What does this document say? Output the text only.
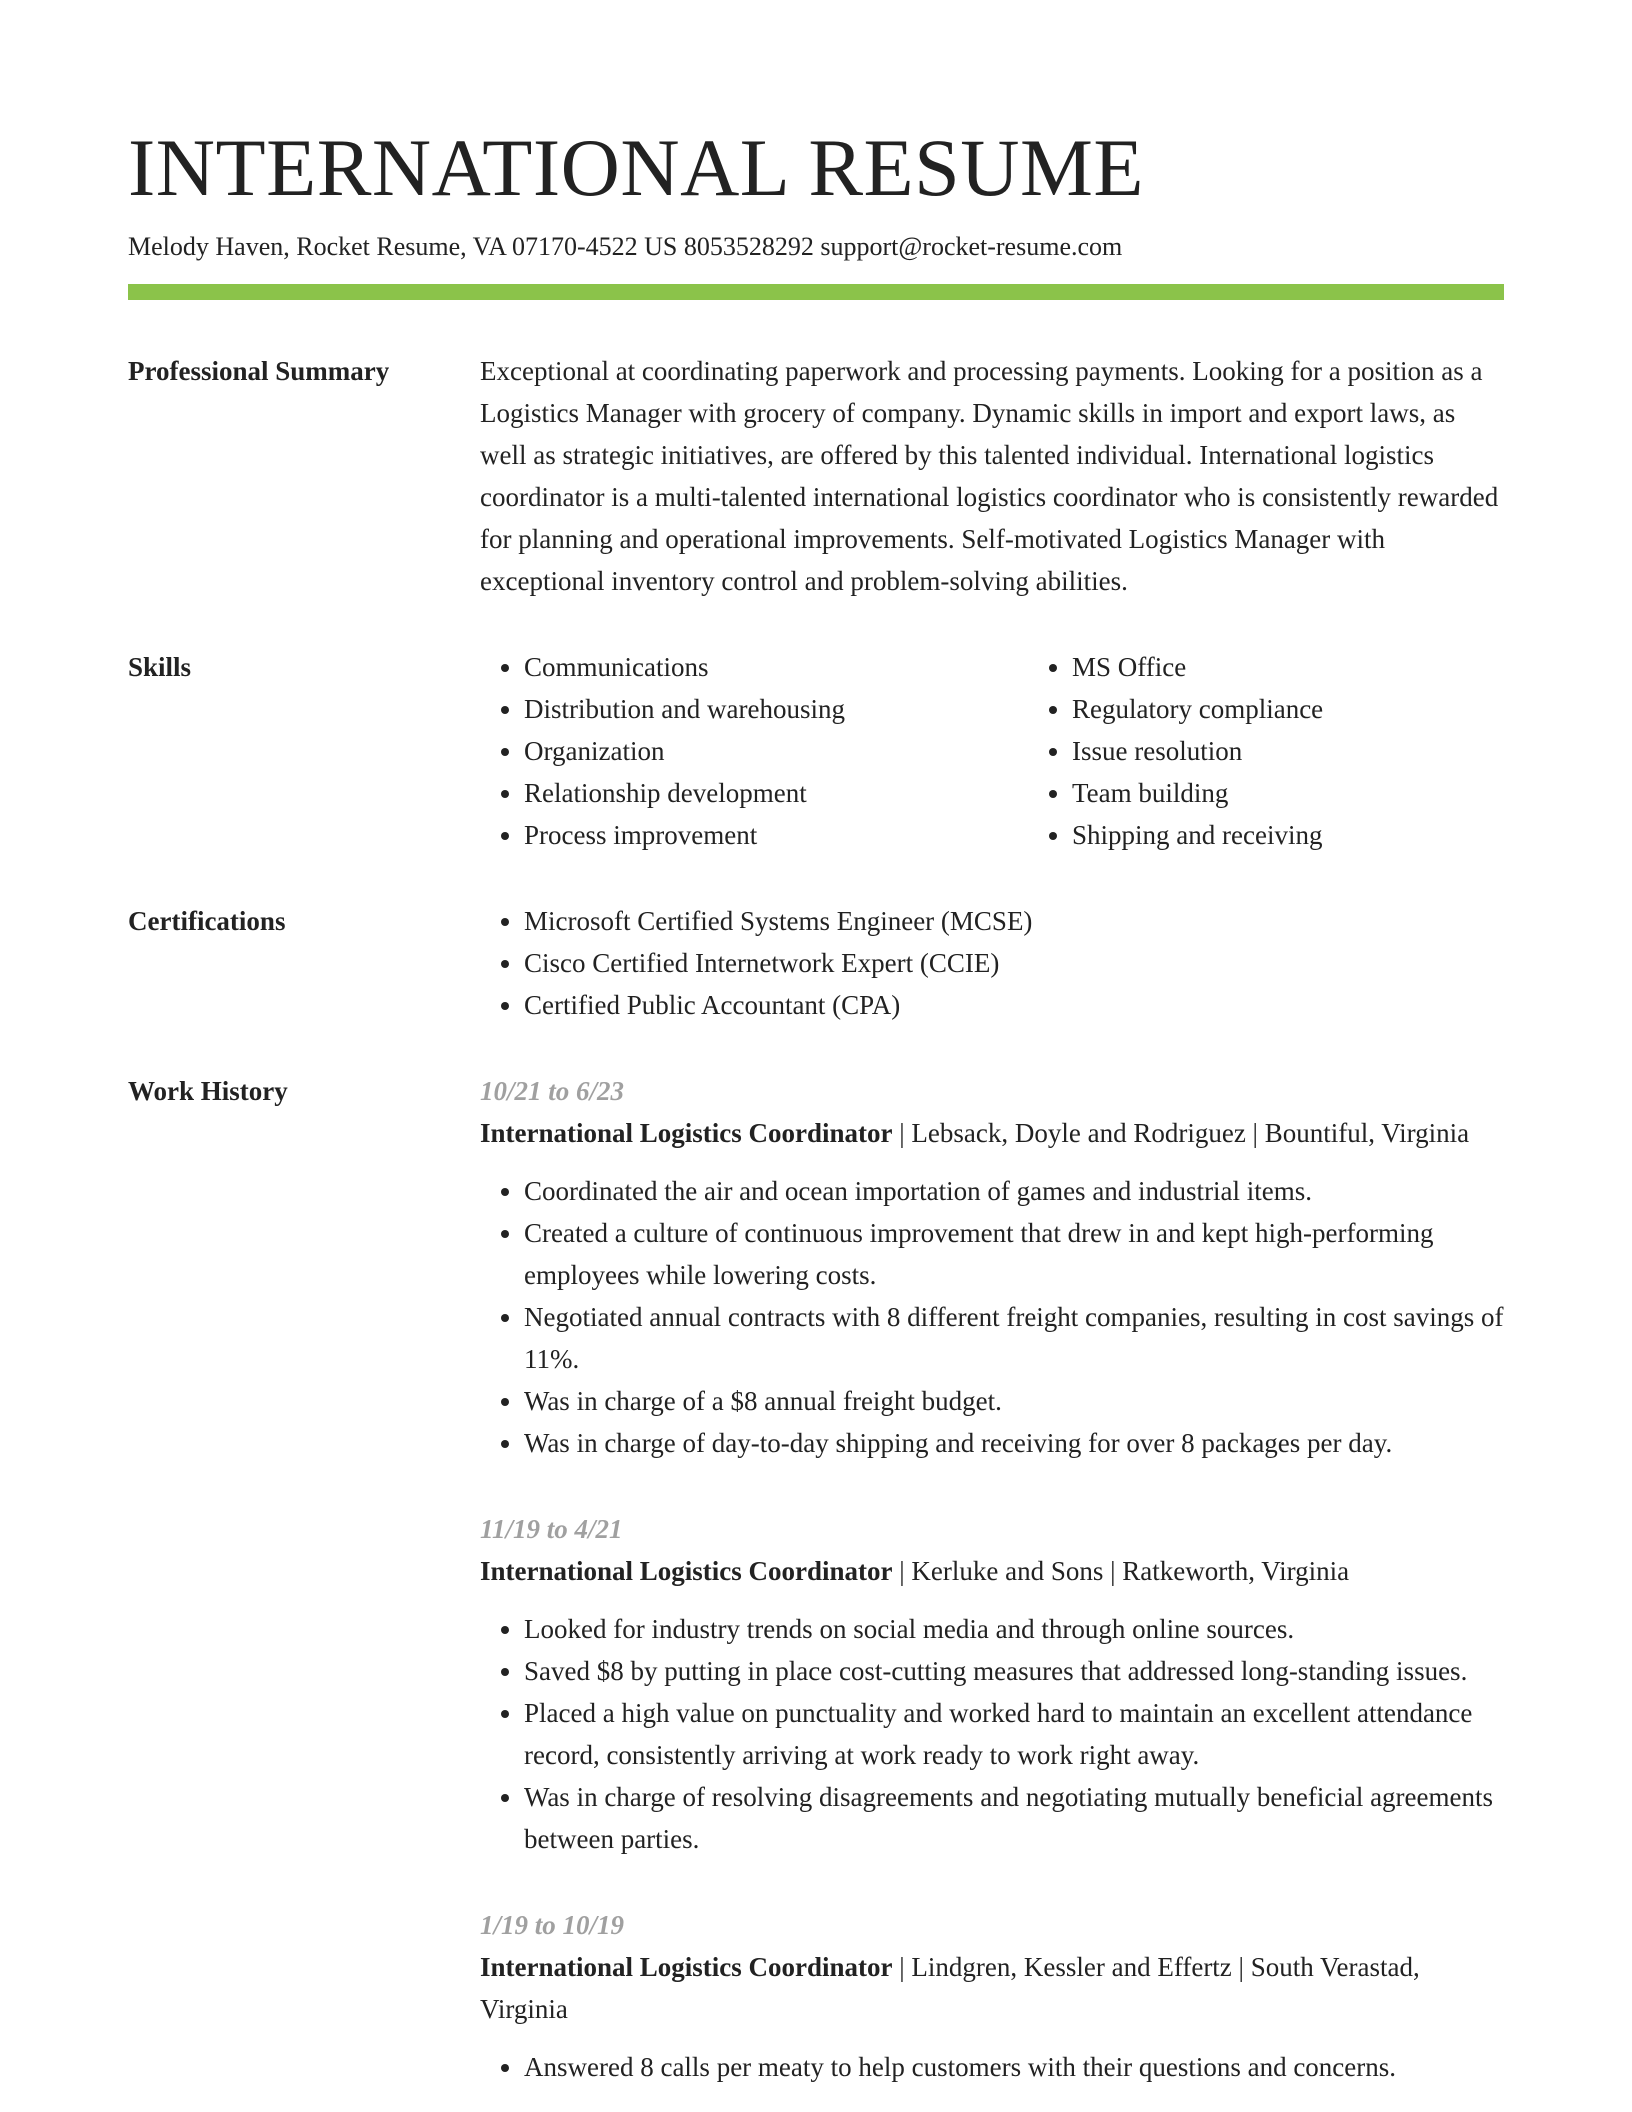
INTERNATIONAL RESUME
Melody Haven, Rocket Resume, VA 07170-4522 US 8053528292 support@rocket-resume.com
Professional Summary	Exceptional at coordinating paperwork and processing payments. Looking for a position as a Logistics Manager with grocery of company. Dynamic skills in import and export laws, as well as strategic initiatives, are offered by this talented individual. International logistics coordinator is a multi-talented international logistics coordinator who is consistently rewarded for planning and operational improvements. Self-motivated Logistics Manager with exceptional inventory control and problem-solving abilities.

Skills	• Communications
• Distribution and warehousing
• Organization
• Relationship development
• Process improvement
• MS Office
• Regulatory compliance
• Issue resolution
• Team building
• Shipping and receiving
Certifications	• Microsoft Certified Systems Engineer (MCSE)
• Cisco Certified Internetwork Expert (CCIE)
• Certified Public Accountant (CPA)
Work History	10/21 to 6/23

International Logistics Coordinator | Lebsack, Doyle and Rodriguez | Bountiful, Virginia

• Coordinated the air and ocean importation of games and industrial items.
• Created a culture of continuous improvement that drew in and kept high-performing employees while lowering costs.
• Negotiated annual contracts with 8 different freight companies, resulting in cost savings of 11%.
• Was in charge of a $8 annual freight budget.
• Was in charge of day-to-day shipping and receiving for over 8 packages per day.
11/19 to 4/21

International Logistics Coordinator | Kerluke and Sons | Ratkeworth, Virginia

• Looked for industry trends on social media and through online sources.
• Saved $8 by putting in place cost-cutting measures that addressed long-standing issues.
• Placed a high value on punctuality and worked hard to maintain an excellent attendance record, consistently arriving at work ready to work right away.
• Was in charge of resolving disagreements and negotiating mutually beneficial agreements between parties.
1/19 to 10/19

International Logistics Coordinator | Lindgren, Kessler and Effertz | South Verastad, Virginia

• Answered 8 calls per meaty to help customers with their questions and concerns.
